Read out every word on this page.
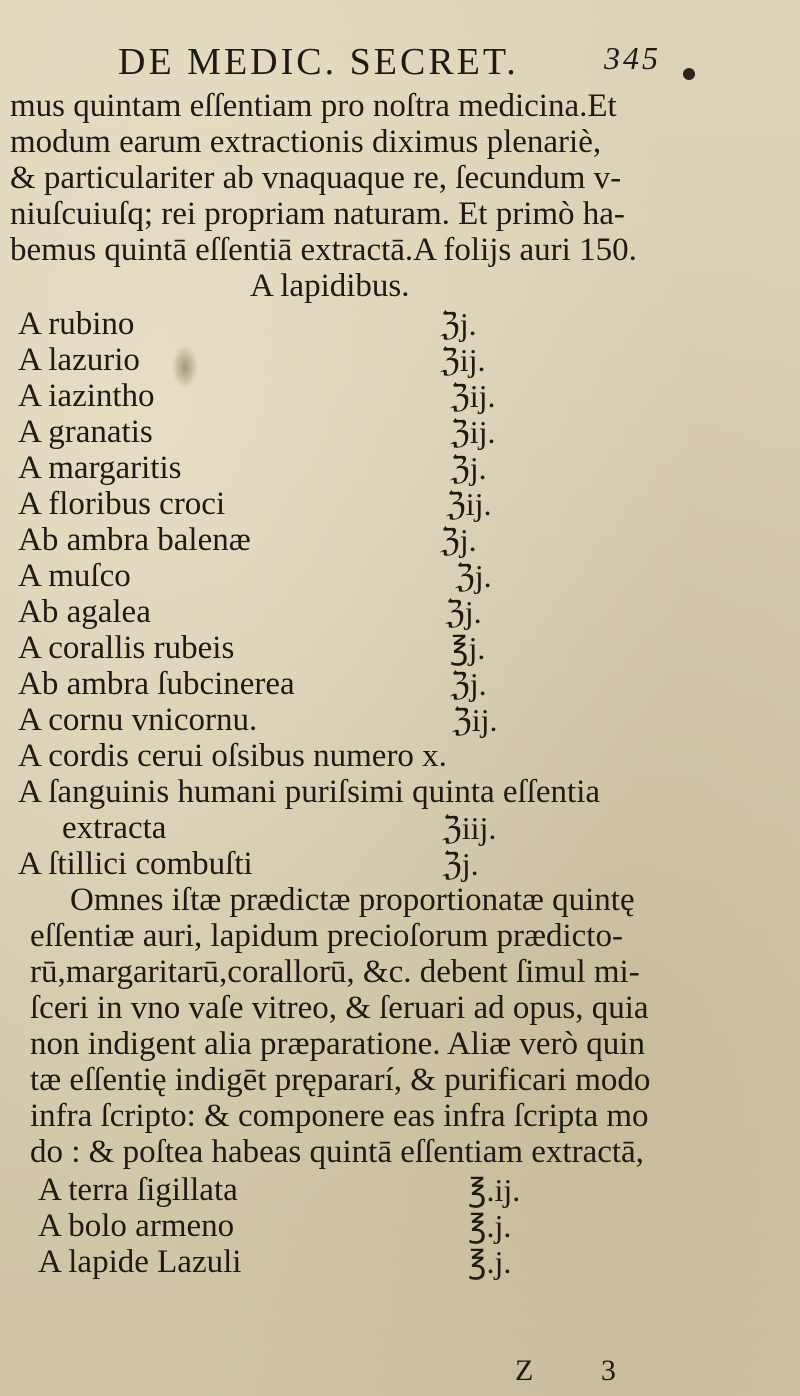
DE MEDIC. SECRET.	345
mus quintam eſſentiam pro noſtra medicina.Et
modum earum extractionis diximus plenariè,
& particulariter ab vnaquaque re, ſecundum v-
niuſcuiuſq; rei propriam naturam. Et primò ha-
bemus quintā eſſentiā extractā.A folijs auri 150.
A lapidibus.
A rubino	ℨj.
A lazurio	ℨij.
A iazintho	ℨij.
A granatis	ℨij.
A margaritis	ℨj.
A floribus croci	ℨij.
Ab ambra balenæ	ℨj.
A muſco	ℨj.
Ab agalea	ℨj.
A corallis rubeis	℥j.
Ab ambra ſubcinerea	ℨj.
A cornu vnicornu.	ℨij.
A cordis cerui oſsibus numero x.
A ſanguinis humani puriſsimi quinta eſſentia
extracta	ℨiij.
A ſtillici combuſti	ℨj.
Omnes iſtæ prædictæ proportionatæ quintę
eſſentiæ auri, lapidum precioſorum prædicto-
rū,margaritarū,corallorū, &c. debent ſimul mi-
ſceri in vno vaſe vitreo, & ſeruari ad opus, quia
non indigent alia præparatione. Aliæ verò quin
tæ eſſentię indigēt prępararí, & purificari modo
infra ſcripto: & componere eas infra ſcripta mo
do : & poſtea habeas quintā eſſentiam extractā,
A terra ſigillata	℥.ij.
A bolo armeno	℥.j.
A lapide Lazuli	℥.j.
Z 3
